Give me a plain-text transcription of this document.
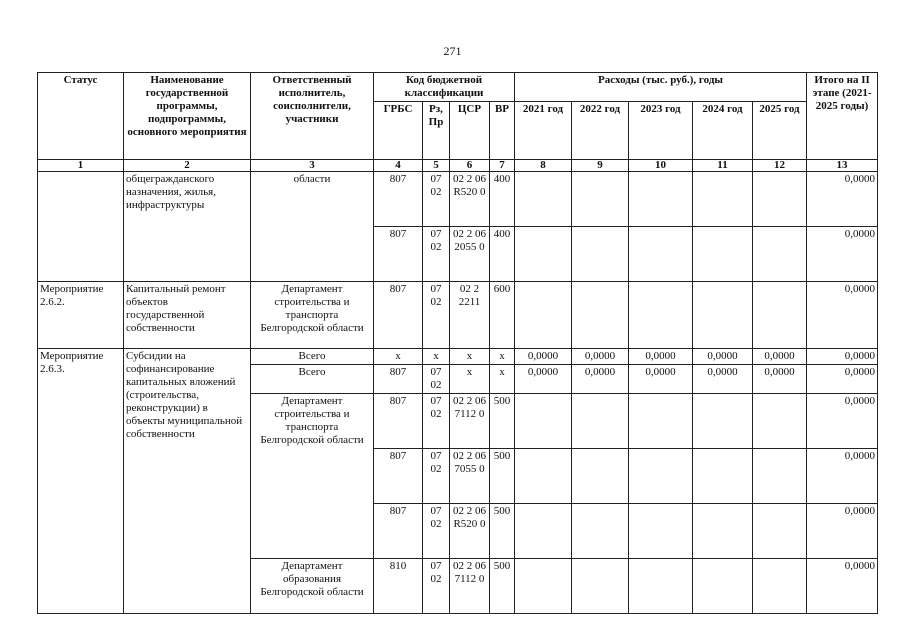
271
Статус	Наименование государственной программы, подпрограммы, основного мероприятия	Ответственный исполнитель, соисполнители, участники	Код бюджетной классификации				Расходы (тыс. руб.), годы					Итого на II этапе (2021-2025 годы)
			ГРБС	Рз, Пр	ЦСР	ВР	2021 год	2022 год	2023 год	2024 год	2025 год	
1	2	3	4	5	6	7	8	9	10	11	12	13
	общегражданского назначения, жилья, инфраструктуры	области	807	07 02	02 2 06 R520 0	400						0,0000
			807	07 02	02 2 06 2055 0	400						0,0000
Мероприятие 2.6.2.	Капитальный ремонт объектов государственной собственности	Департамент строительства и транспорта Белгородской области	807	07 02	02 2 2211	600						0,0000
Мероприятие 2.6.3.	Субсидии на софинансирование капитальных вложений (строительства, реконструкции) в объекты муниципальной собственности	Всего	x	x	x	x	0,0000	0,0000	0,0000	0,0000	0,0000	0,0000
		Всего	807	07 02	x	x	0,0000	0,0000	0,0000	0,0000	0,0000	0,0000
		Департамент строительства и транспорта Белгородской области	807	07 02	02 2 06 7112 0	500						0,0000
			807	07 02	02 2 06 7055 0	500						0,0000
			807	07 02	02 2 06 R520 0	500						0,0000
		Департамент образования Белгородской области	810	07 02	02 2 06 7112 0	500						0,0000
